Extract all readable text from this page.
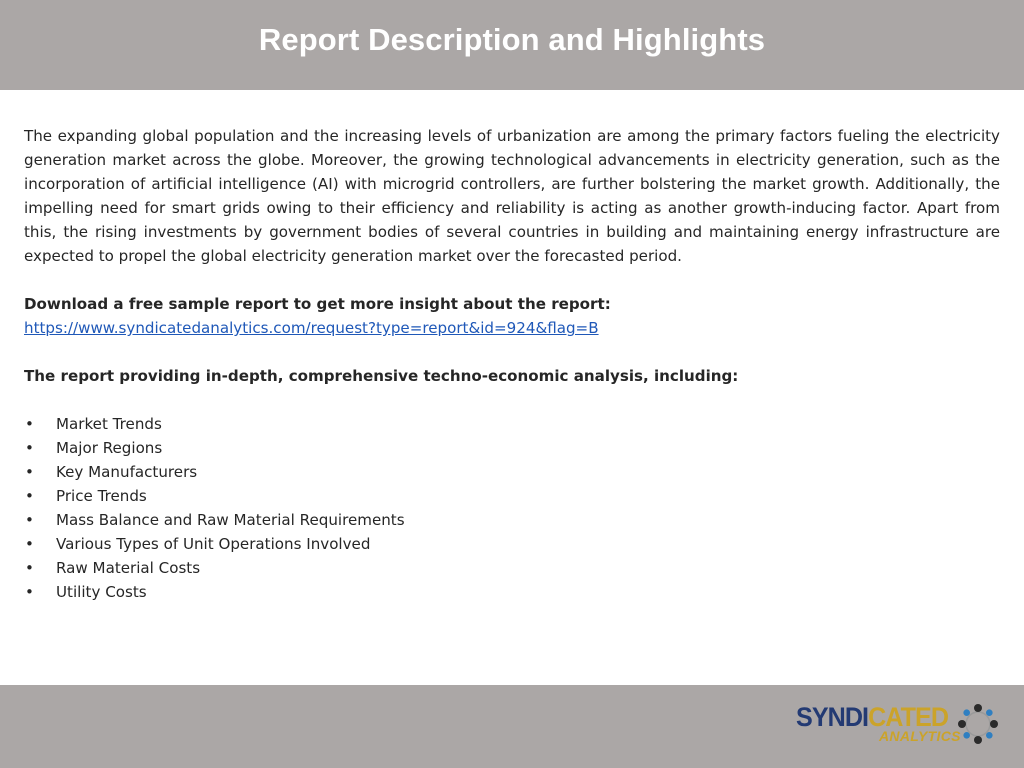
Report Description and Highlights

The expanding global population and the increasing levels of urbanization are among the primary factors fueling the electricity generation market across the globe. Moreover, the growing technological advancements in electricity generation, such as the incorporation of artificial intelligence (AI) with microgrid controllers, are further bolstering the market growth. Additionally, the impelling need for smart grids owing to their efficiency and reliability is acting as another growth-inducing factor. Apart from this, the rising investments by government bodies of several countries in building and maintaining energy infrastructure are expected to propel the global electricity generation market over the forecasted period.

Download a free sample report to get more insight about the report:

https://www.syndicatedanalytics.com/request?type=report&id=924&flag=B

The report providing in-depth, comprehensive techno-economic analysis, including:

• Market Trends
• Major Regions
• Key Manufacturers
• Price Trends
• Mass Balance and Raw Material Requirements
• Various Types of Unit Operations Involved
• Raw Material Costs
• Utility Costs
SYNDICATED
ANALYTICS
